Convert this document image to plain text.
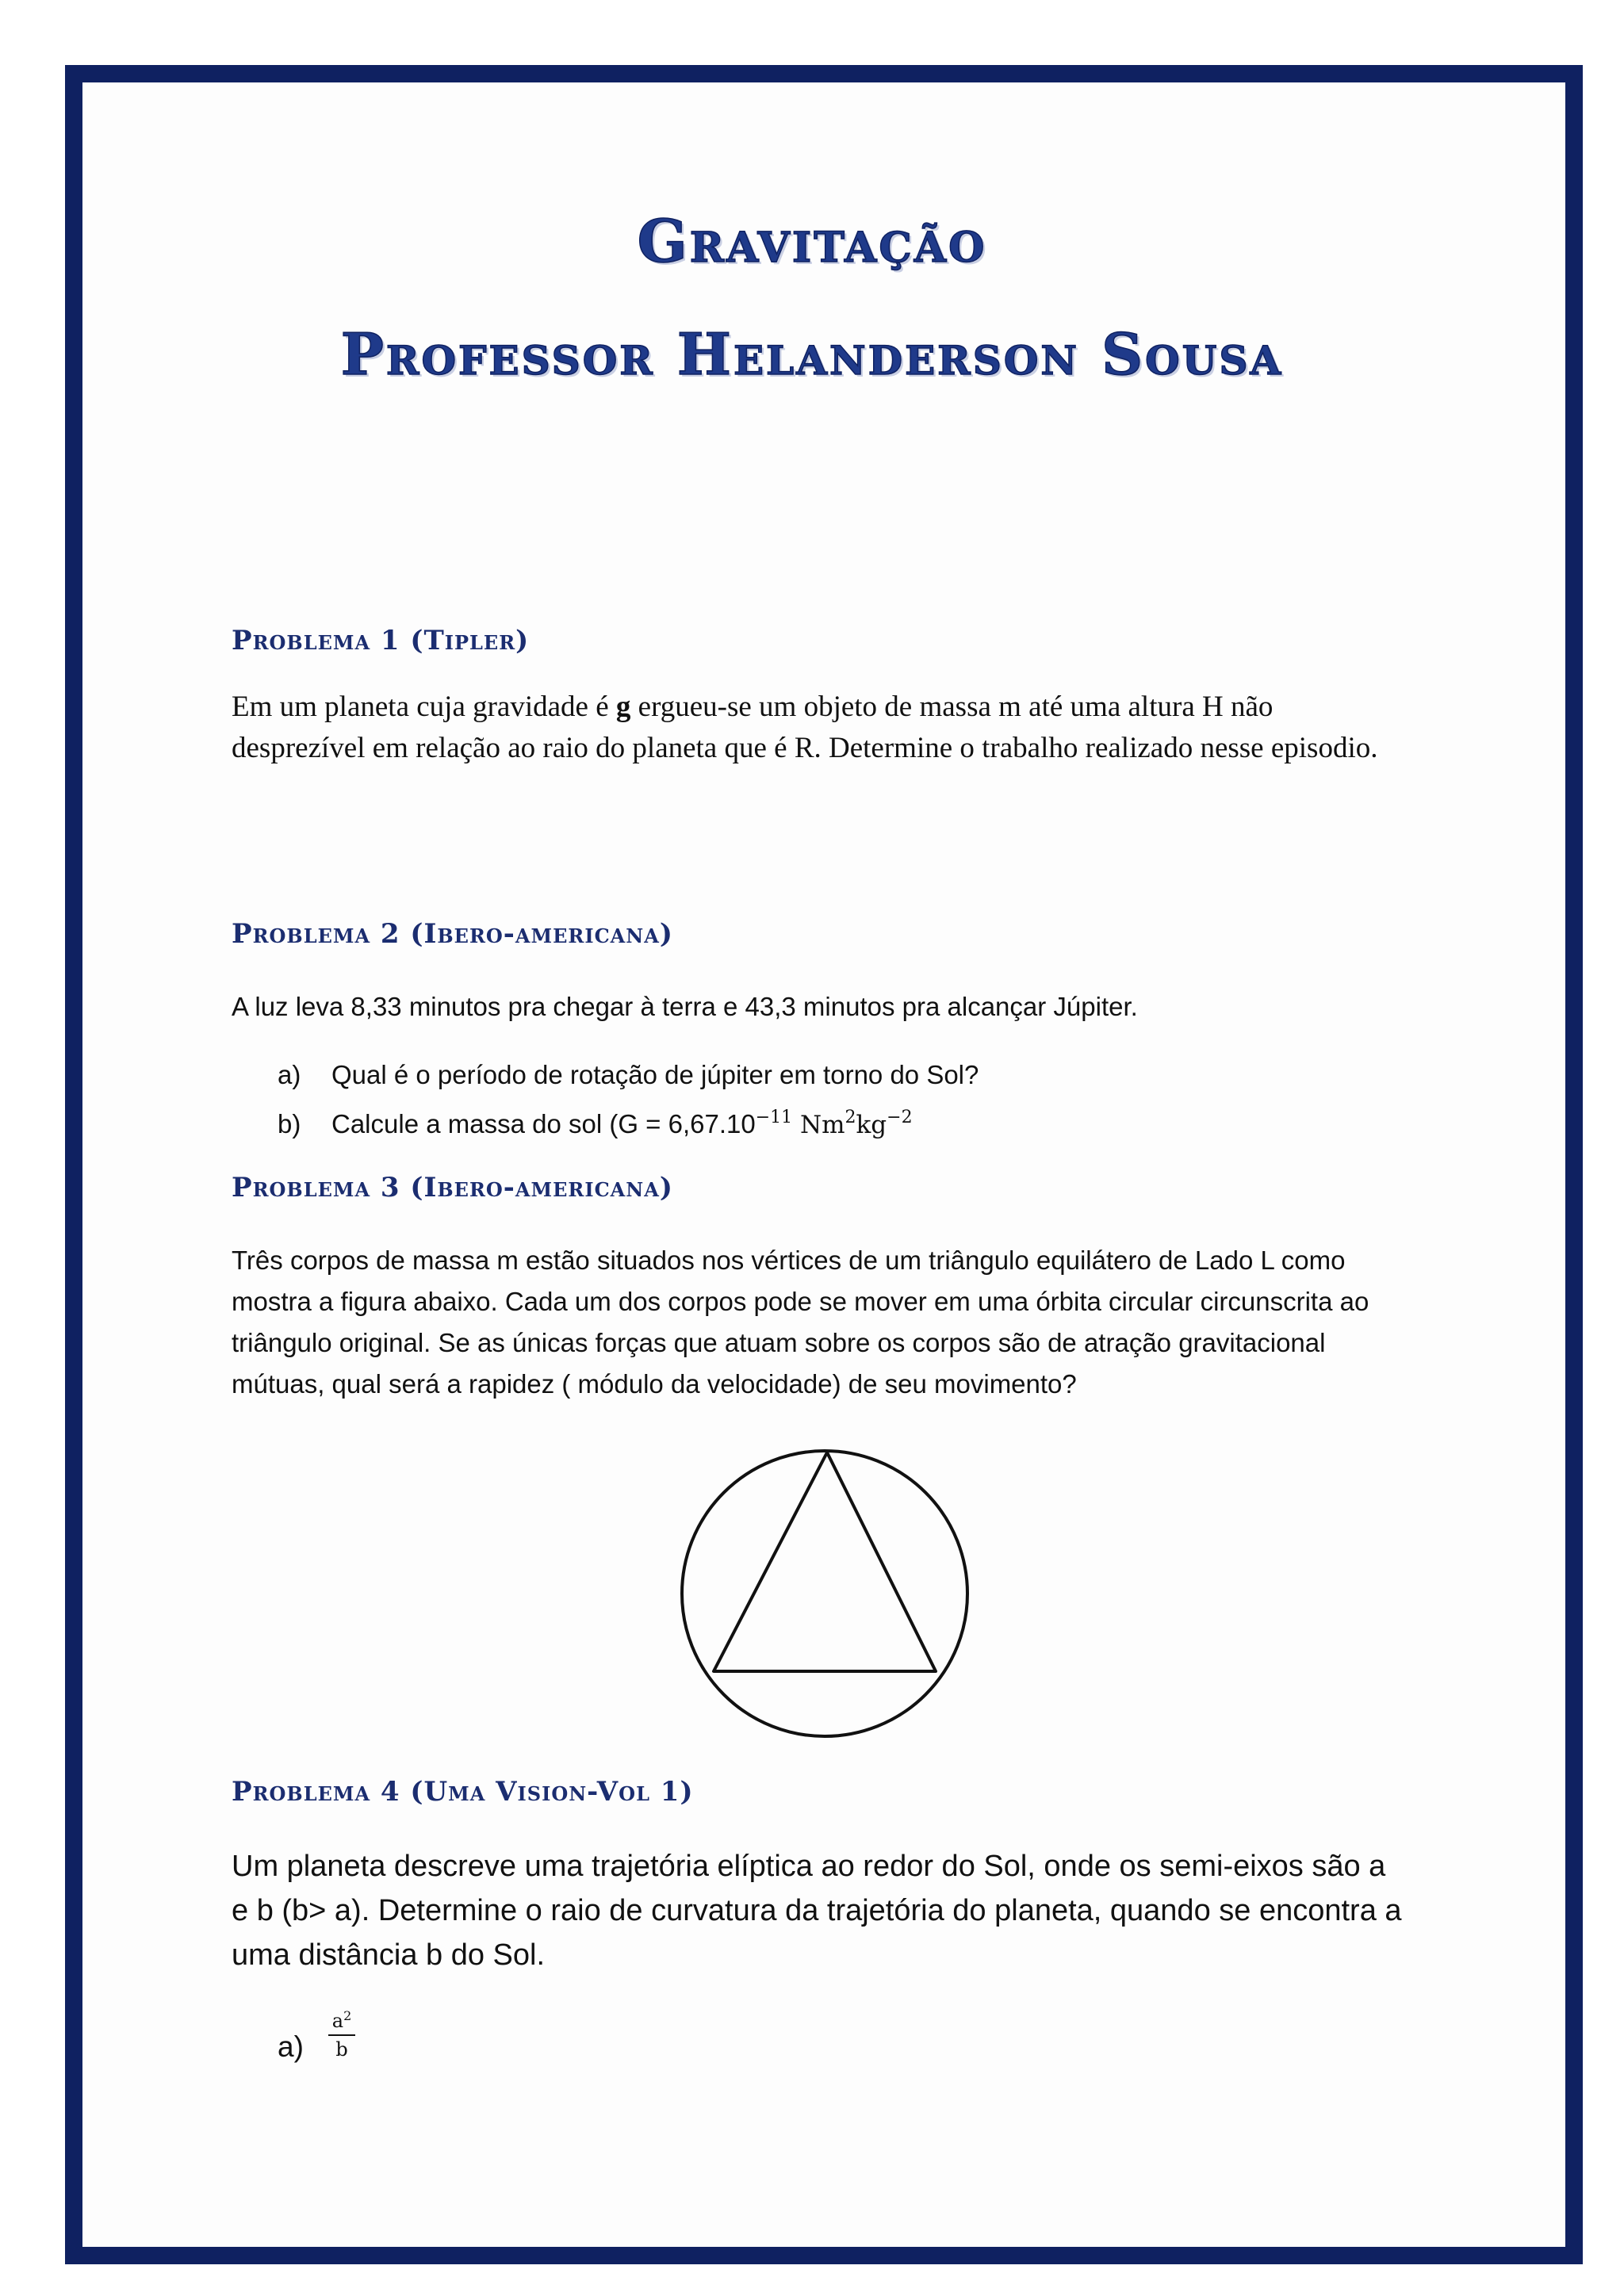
Gravitação
Professor Helanderson Sousa
Problema 1 (Tipler)

Em um planeta cuja gravidade é g ergueu-se um objeto de massa m até uma altura H não desprezível em relação ao raio do planeta que é R. Determine o trabalho realizado nesse episodio.

Problema 2 (Ibero-americana)

A luz leva 8,33 minutos pra chegar à terra e 43,3 minutos pra alcançar Júpiter.

a) Qual é o período de rotação de júpiter em torno do Sol?
b) Calcule a massa do sol ($G = 6,67.10^{-11}$ $Nm^2kg^{-2}$
Problema 3 (Ibero-americana)

Três corpos de massa m estão situados nos vértices de um triângulo equilátero de Lado L como mostra a figura abaixo. Cada um dos corpos pode se mover em uma órbita circular circunscrita ao triângulo original. Se as únicas forças que atuam sobre os corpos são de atração gravitacional mútuas, qual será a rapidez ( módulo da velocidade) de seu movimento?

Problema 4 (Uma Vision-Vol 1)

Um planeta descreve uma trajetória elíptica ao redor do Sol, onde os semi-eixos são a e b (b> a). Determine o raio de curvatura da trajetória do planeta, quando se encontra a uma distância b do Sol.

a)
$a^2$
b
